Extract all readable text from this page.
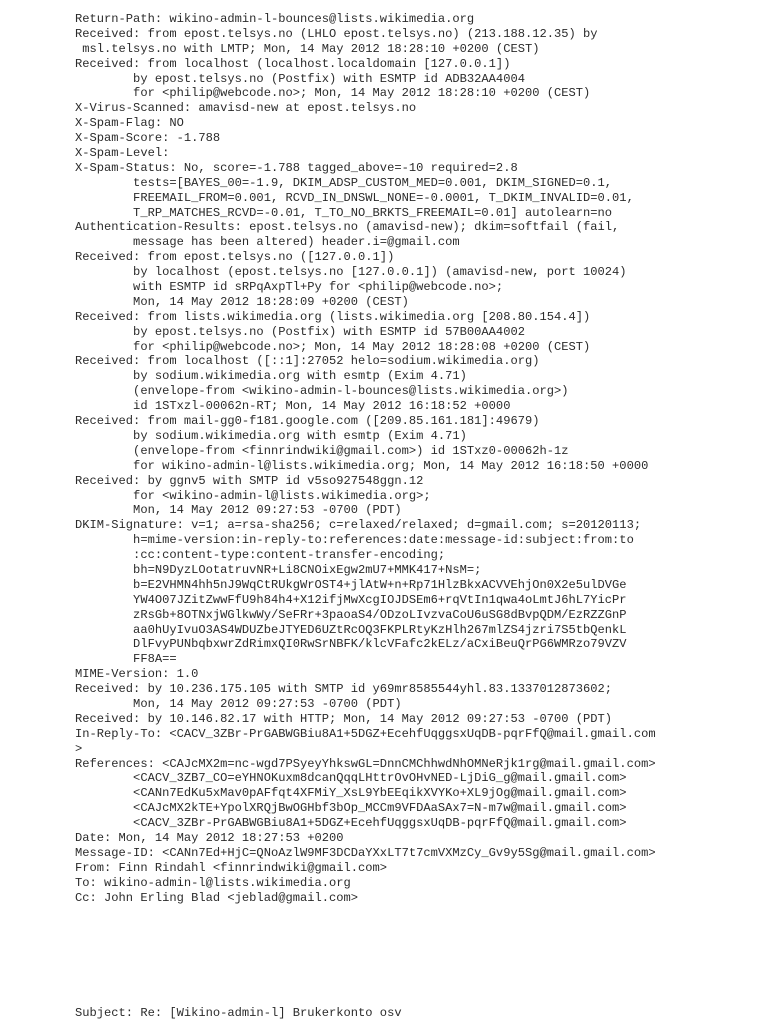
Return-Path: wikino-admin-l-bounces@lists.wikimedia.org
Received: from epost.telsys.no (LHLO epost.telsys.no) (213.188.12.35) by
msl.telsys.no with LMTP; Mon, 14 May 2012 18:28:10 +0200 (CEST)
Received: from localhost (localhost.localdomain [127.0.0.1])
by epost.telsys.no (Postfix) with ESMTP id ADB32AA4004
for <philip@webcode.no>; Mon, 14 May 2012 18:28:10 +0200 (CEST)
X-Virus-Scanned: amavisd-new at epost.telsys.no
X-Spam-Flag: NO
X-Spam-Score: -1.788
X-Spam-Level:
X-Spam-Status: No, score=-1.788 tagged_above=-10 required=2.8
tests=[BAYES_00=-1.9, DKIM_ADSP_CUSTOM_MED=0.001, DKIM_SIGNED=0.1,
FREEMAIL_FROM=0.001, RCVD_IN_DNSWL_NONE=-0.0001, T_DKIM_INVALID=0.01,
T_RP_MATCHES_RCVD=-0.01, T_TO_NO_BRKTS_FREEMAIL=0.01] autolearn=no
Authentication-Results: epost.telsys.no (amavisd-new); dkim=softfail (fail,
message has been altered) header.i=@gmail.com
Received: from epost.telsys.no ([127.0.0.1])
by localhost (epost.telsys.no [127.0.0.1]) (amavisd-new, port 10024)
with ESMTP id sRPqAxpTl+Py for <philip@webcode.no>;
Mon, 14 May 2012 18:28:09 +0200 (CEST)
Received: from lists.wikimedia.org (lists.wikimedia.org [208.80.154.4])
by epost.telsys.no (Postfix) with ESMTP id 57B00AA4002
for <philip@webcode.no>; Mon, 14 May 2012 18:28:08 +0200 (CEST)
Received: from localhost ([::1]:27052 helo=sodium.wikimedia.org)
by sodium.wikimedia.org with esmtp (Exim 4.71)
(envelope-from <wikino-admin-l-bounces@lists.wikimedia.org>)
id 1STxzl-00062n-RT; Mon, 14 May 2012 16:18:52 +0000
Received: from mail-gg0-f181.google.com ([209.85.161.181]:49679)
by sodium.wikimedia.org with esmtp (Exim 4.71)
(envelope-from <finnrindwiki@gmail.com>) id 1STxz0-00062h-1z
for wikino-admin-l@lists.wikimedia.org; Mon, 14 May 2012 16:18:50 +0000
Received: by ggnv5 with SMTP id v5so927548ggn.12
for <wikino-admin-l@lists.wikimedia.org>;
Mon, 14 May 2012 09:27:53 -0700 (PDT)
DKIM-Signature: v=1; a=rsa-sha256; c=relaxed/relaxed; d=gmail.com; s=20120113;
h=mime-version:in-reply-to:references:date:message-id:subject:from:to
:cc:content-type:content-transfer-encoding;
bh=N9DyzLOotatruvNR+Li8CNOixEgw2mU7+MMK417+NsM=;
b=E2VHMN4hh5nJ9WqCtRUkgWrOST4+jlAtW+n+Rp71HlzBkxACVVEhjOn0X2e5ulDVGe
YW4O07JZitZwwFfU9h84h4+X12ifjMwXcgIOJDSEm6+rqVtIn1qwa4oLmtJ6hL7YicPr
zRsGb+8OTNxjWGlkwWy/SeFRr+3paoaS4/ODzoLIvzvaCoU6uSG8dBvpQDM/EzRZZGnP
aa0hUyIvuO3AS4WDUZbeJTYED6UZtRcOQ3FKPLRtyKzHlh267mlZS4jzri7S5tbQenkL
DlFvyPUNbqbxwrZdRimxQI0RwSrNBFK/klcVFafc2kELz/aCxiBeuQrPG6WMRzo79VZV
FF8A==
MIME-Version: 1.0
Received: by 10.236.175.105 with SMTP id y69mr8585544yhl.83.1337012873602;
Mon, 14 May 2012 09:27:53 -0700 (PDT)
Received: by 10.146.82.17 with HTTP; Mon, 14 May 2012 09:27:53 -0700 (PDT)
In-Reply-To: <CACV_3ZBr-PrGABWGBiu8A1+5DGZ+EcehfUqggsxUqDB-pqrFfQ@mail.gmail.com
>
References: <CAJcMX2m=nc-wgd7PSyeyYhkswGL=DnnCMChhwdNhOMNeRjk1rg@mail.gmail.com>
<CACV_3ZB7_CO=eYHNOKuxm8dcanQqqLHttrOvOHvNED-LjDiG_g@mail.gmail.com>
<CANn7EdKu5xMav0pAFfqt4XFMiY_XsL9YbEEqikXVYKo+XL9jOg@mail.gmail.com>
<CAJcMX2kTE+YpolXRQjBwOGHbf3bOp_MCCm9VFDAaSAx7=N-m7w@mail.gmail.com>
<CACV_3ZBr-PrGABWGBiu8A1+5DGZ+EcehfUqggsxUqDB-pqrFfQ@mail.gmail.com>
Date: Mon, 14 May 2012 18:27:53 +0200
Message-ID: <CANn7Ed+HjC=QNoAzlW9MF3DCDaYXxLT7t7cmVXMzCy_Gv9y5Sg@mail.gmail.com>
From: Finn Rindahl <finnrindwiki@gmail.com>
To: wikino-admin-l@lists.wikimedia.org
Cc: John Erling Blad <jeblad@gmail.com>
Subject: Re: [Wikino-admin-l] Brukerkonto osv
